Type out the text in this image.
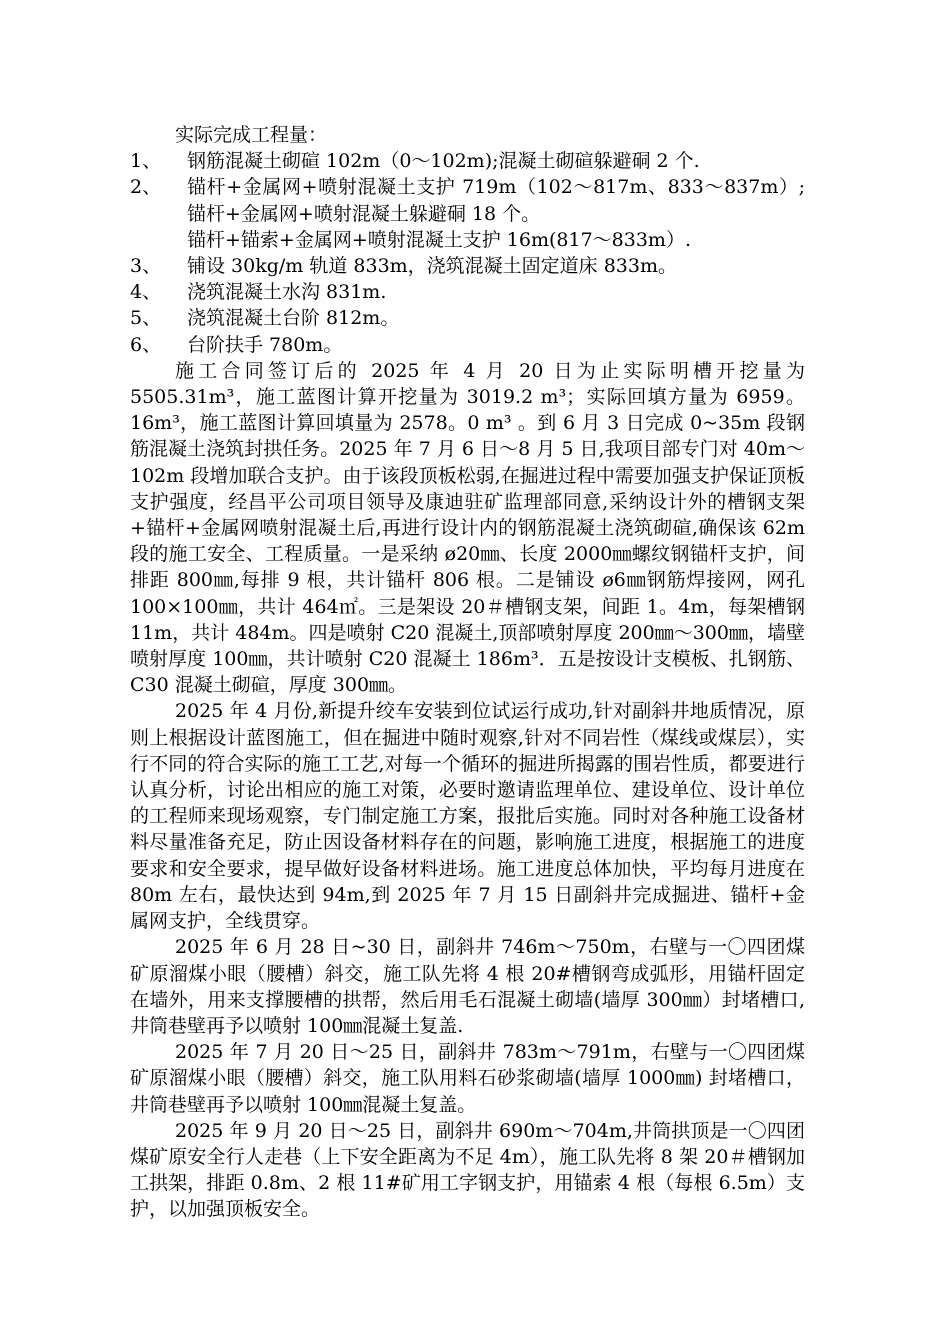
实际完成工程量：
1、	钢筋混凝土砌碹 102m（0～102m);混凝土砌碹躲避硐 2 个.
2、	锚杆+金属网+喷射混凝土支护 719m（102～817m、833～837m）;锚杆+金属网+喷射混凝土躲避硐 18 个。
锚杆+锚索+金属网+喷射混凝土支护 16m(817～833m）.
3、	铺设 30kg/m 轨道 833m，浇筑混凝土固定道床 833m。
4、	浇筑混凝土水沟 831m.
5、	浇筑混凝土台阶 812m。
6、	台阶扶手 780m。

施工合同签订后的 2025 年 4 月 20 日为止实际明槽开挖量为 5505.31m³，施工蓝图计算开挖量为 3019.2 m³；实际回填方量为 6959。16m³，施工蓝图计算回填量为 2578。0 m³ 。到 6 月 3 日完成 0~35m 段钢筋混凝土浇筑封拱任务。2025 年 7 月 6 日～8 月 5 日,我项目部专门对 40m～102m 段增加联合支护。由于该段顶板松弱,在掘进过程中需要加强支护保证顶板支护强度，经昌平公司项目领导及康迪驻矿监理部同意,采纳设计外的槽钢支架+锚杆+金属网喷射混凝土后,再进行设计内的钢筋混凝土浇筑砌碹,确保该 62m 段的施工安全、工程质量。一是采纳 ø20㎜、长度 2000㎜螺纹钢锚杆支护，间排距 800㎜,每排 9 根，共计锚杆 806 根。二是铺设 ø6㎜钢筋焊接网，网孔 100×100㎜，共计 464㎡。三是架设 20＃槽钢支架，间距 1。4m，每架槽钢 11m，共计 484m。四是喷射 C20 混凝土,顶部喷射厚度 200㎜～300㎜，墙壁喷射厚度 100㎜，共计喷射 C20 混凝土 186m³．五是按设计支模板、扎钢筋、C30 混凝土砌碹，厚度 300㎜。

2025 年 4 月份,新提升绞车安装到位试运行成功,针对副斜井地质情况，原则上根据设计蓝图施工，但在掘进中随时观察,针对不同岩性（煤线或煤层），实行不同的符合实际的施工工艺,对每一个循环的掘进所揭露的围岩性质，都要进行认真分析，讨论出相应的施工对策，必要时邀请监理单位、建设单位、设计单位的工程师来现场观察，专门制定施工方案，报批后实施。同时对各种施工设备材料尽量准备充足，防止因设备材料存在的问题，影响施工进度，根据施工的进度要求和安全要求，提早做好设备材料进场。施工进度总体加快，平均每月进度在 80m 左右，最快达到 94m,到 2025 年 7 月 15 日副斜井完成掘进、锚杆+金属网支护，全线贯穿。

2025 年 6 月 28 日~30 日，副斜井 746m～750m，右壁与一〇四团煤矿原溜煤小眼（腰槽）斜交，施工队先将 4 根 20#槽钢弯成弧形，用锚杆固定在墙外，用来支撑腰槽的拱帮，然后用毛石混凝土砌墙(墙厚 300㎜）封堵槽口,井筒巷壁再予以喷射 100㎜混凝土复盖.

2025 年 7 月 20 日～25 日，副斜井 783m～791m，右壁与一〇四团煤矿原溜煤小眼（腰槽）斜交，施工队用料石砂浆砌墙(墙厚 1000㎜) 封堵槽口，井筒巷壁再予以喷射 100㎜混凝土复盖。

2025 年 9 月 20 日～25 日，副斜井 690m～704m,井筒拱顶是一〇四团煤矿原安全行人走巷（上下安全距离为不足 4m），施工队先将 8 架 20＃槽钢加工拱架，排距 0.8m、2 根 11#矿用工字钢支护，用锚索 4 根（每根 6.5m）支护，以加强顶板安全。
